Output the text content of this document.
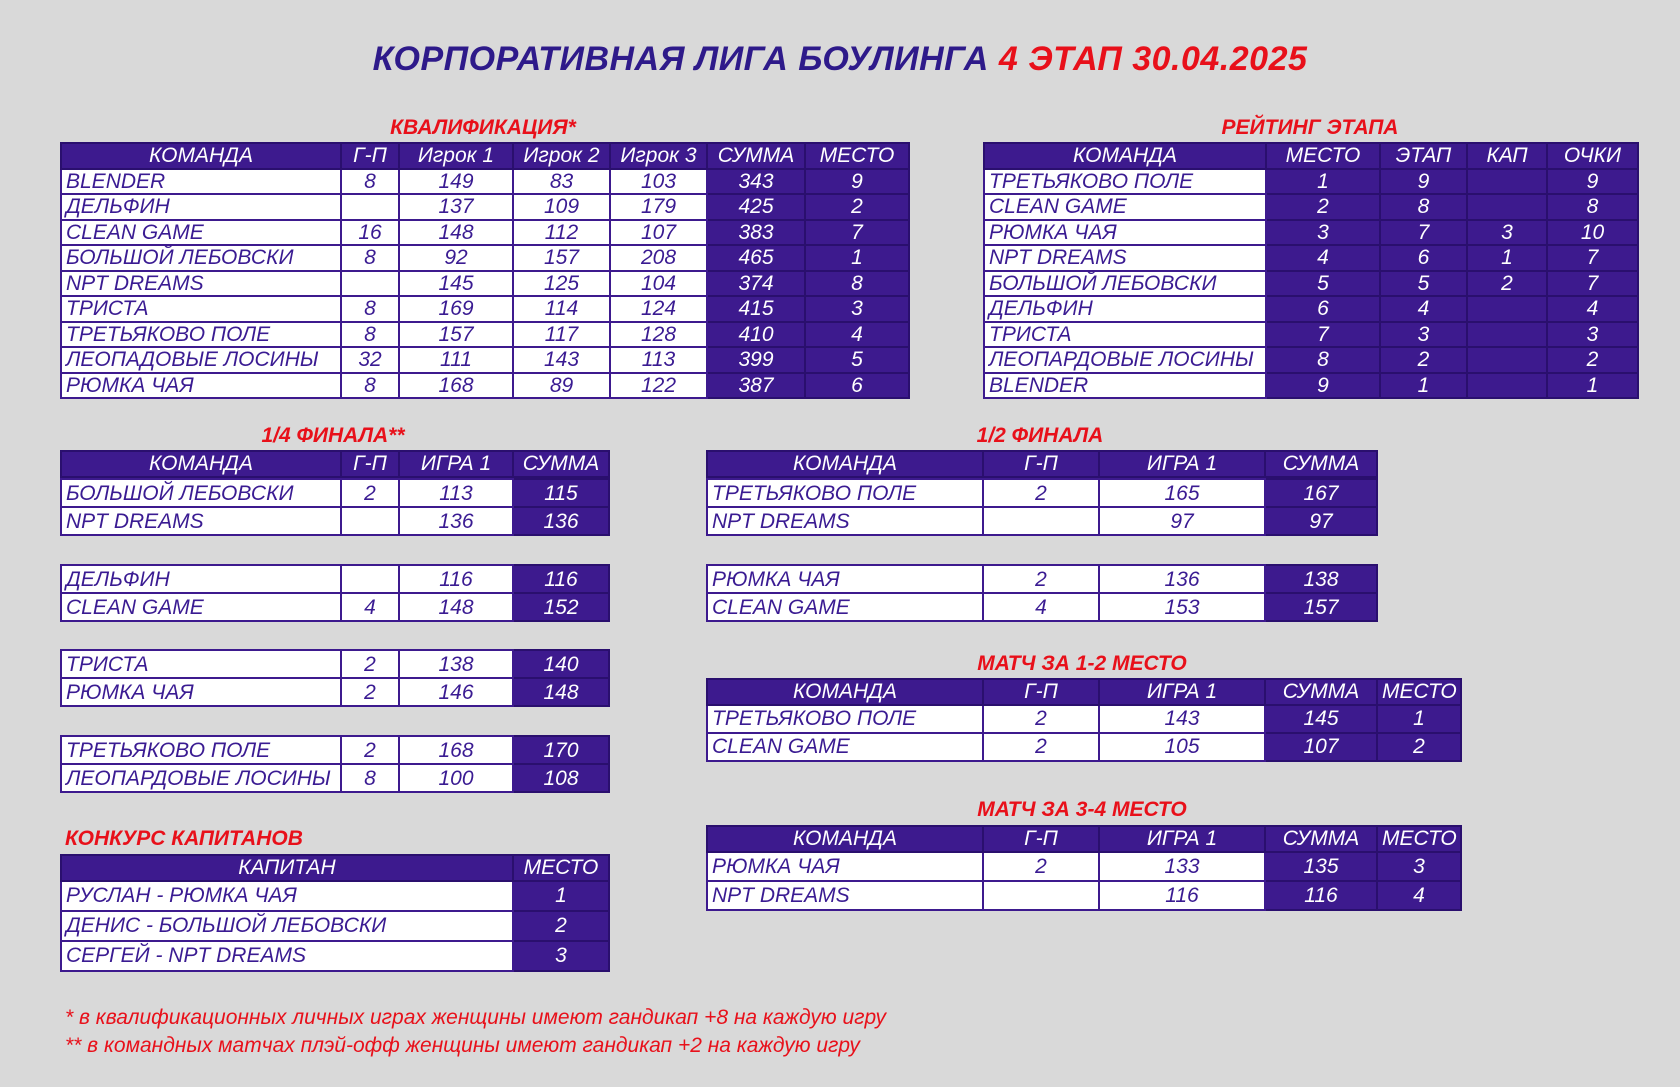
КОРПОРАТИВНАЯ ЛИГА БОУЛИНГА 4 ЭТАП 30.04.2025
КВАЛИФИКАЦИЯ*
КОМАНДА	Г-П	Игрок 1	Игрок 2	Игрок 3	СУММА	МЕСТО
BLENDER	8	149	83	103	343	9
ДЕЛЬФИН		137	109	179	425	2
CLEAN GAME	16	148	112	107	383	7
БОЛЬШОЙ ЛЕБОВСКИ	8	92	157	208	465	1
NPT DREAMS		145	125	104	374	8
ТРИСТА	8	169	114	124	415	3
ТРЕТЬЯКОВО ПОЛЕ	8	157	117	128	410	4
ЛЕОПАДОВЫЕ ЛОСИНЫ	32	111	143	113	399	5
РЮМКА ЧАЯ	8	168	89	122	387	6
РЕЙТИНГ ЭТАПА
КОМАНДА	МЕСТО	ЭТАП	КАП	ОЧКИ
ТРЕТЬЯКОВО ПОЛЕ	1	9		9
CLEAN GAME	2	8		8
РЮМКА ЧАЯ	3	7	3	10
NPT DREAMS	4	6	1	7
БОЛЬШОЙ ЛЕБОВСКИ	5	5	2	7
ДЕЛЬФИН	6	4		4
ТРИСТА	7	3		3
ЛЕОПАРДОВЫЕ ЛОСИНЫ	8	2		2
BLENDER	9	1		1
1/4 ФИНАЛА**
КОМАНДА	Г-П	ИГРА 1	СУММА
БОЛЬШОЙ ЛЕБОВСКИ	2	113	115
NPT DREAMS		136	136
ДЕЛЬФИН		116	116
CLEAN GAME	4	148	152
ТРИСТА	2	138	140
РЮМКА ЧАЯ	2	146	148
ТРЕТЬЯКОВО ПОЛЕ	2	168	170
ЛЕОПАРДОВЫЕ ЛОСИНЫ	8	100	108
1/2 ФИНАЛА
КОМАНДА	Г-П	ИГРА 1	СУММА
ТРЕТЬЯКОВО ПОЛЕ	2	165	167
NPT DREAMS		97	97
РЮМКА ЧАЯ	2	136	138
CLEAN GAME	4	153	157
МАТЧ ЗА 1-2 МЕСТО
КОМАНДА	Г-П	ИГРА 1	СУММА	МЕСТО
ТРЕТЬЯКОВО ПОЛЕ	2	143	145	1
CLEAN GAME	2	105	107	2
МАТЧ ЗА 3-4 МЕСТО
КОМАНДА	Г-П	ИГРА 1	СУММА	МЕСТО
РЮМКА ЧАЯ	2	133	135	3
NPT DREAMS		116	116	4
КОНКУРС КАПИТАНОВ
КАПИТАН	МЕСТО
РУСЛАН - РЮМКА ЧАЯ	1
ДЕНИС - БОЛЬШОЙ ЛЕБОВСКИ	2
СЕРГЕЙ - NPT DREAMS	3
* в квалификационных личных играх женщины имеют гандикап +8 на каждую игру
** в командных матчах плэй-офф женщины имеют гандикап +2 на каждую игру
